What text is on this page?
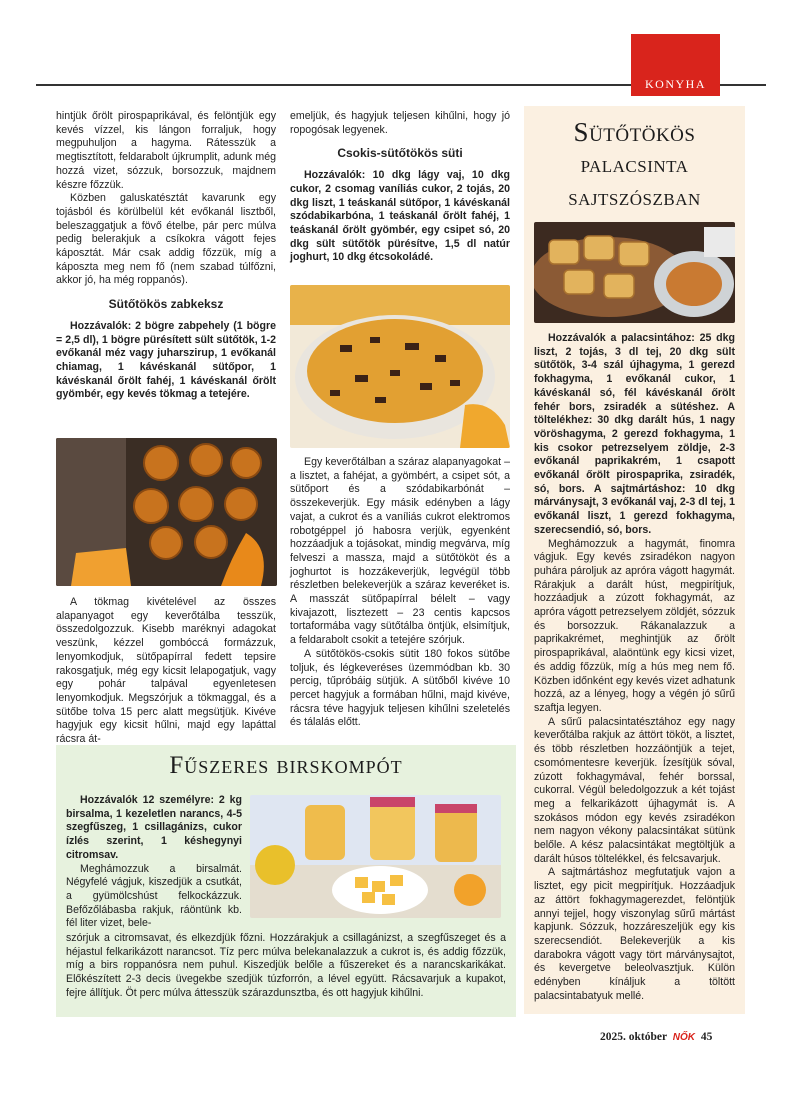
KONYHA

hintjük őrölt pirospaprikával, és felöntjük egy kevés vízzel, kis lángon forraljuk, hogy megpuhuljon a hagyma. Rátesszük a megtisztított, feldarabolt újkrumplit, adunk még hozzá vizet, sózzuk, borsozzuk, majdnem készre főzzük.

Közben galuskatésztát kavarunk egy tojásból és körülbelül két evőkanál lisztből, beleszaggatjuk a fövő ételbe, pár perc múlva pedig belerakjuk a csíkokra vágott fejes káposztát. Már csak addig főzzük, míg a káposzta meg nem fő (nem szabad túlfőzni, akkor jó, ha még roppanós).

Sütőtökös zabkeksz

Hozzávalók: 2 bögre zabpehely (1 bögre = 2,5 dl), 1 bögre pürésített sült sütőtök, 1-2 evőkanál méz vagy juharszirup, 1 evőkanál chiamag, 1 kávéskanál sütőpor, 1 kávéskanál őrölt fahéj, 1 kávéskanál őrölt gyömbér, egy kevés tökmag a tetejére.

A tökmag kivételével az összes alapanyagot egy keverőtálba tesszük, összedolgozzuk. Kisebb maréknyi adagokat veszünk, kézzel gombóccá formázzuk, lenyomkodjuk, sütőpapírral fedett tepsire rakosgatjuk, még egy kicsit lelapogatjuk, vagy egy pohár talpával egyenletesen lenyomkodjuk. Megszórjuk a tökmaggal, és a sütőbe tolva 15 perc alatt megsütjük. Kivéve hagyjuk egy kicsit hűlni, majd egy lapáttal rácsra át-

emeljük, és hagyjuk teljesen kihűlni, hogy jó ropogósak legyenek.

Csokis-sütőtökös süti

Hozzávalók: 10 dkg lágy vaj, 10 dkg cukor, 2 csomag vaníliás cukor, 2 tojás, 20 dkg liszt, 1 teáskanál sütőpor, 1 kávéskanál szódabikarbóna, 1 teáskanál őrölt fahéj, 1 teáskanál őrölt gyömbér, egy csipet só, 20 dkg sült sütőtök pürésítve, 1,5 dl natúr joghurt, 10 dkg étcsokoládé.

Egy keverőtálban a száraz alapanyagokat – a lisztet, a fahéjat, a gyömbért, a csipet sót, a sütőport és a szódabikarbónát – összekeverjük. Egy másik edényben a lágy vajat, a cukrot és a vaníliás cukrot elektromos robotgéppel jó habosra verjük, egyenként hozzáadjuk a tojásokat, mindig megvárva, míg felveszi a massza, majd a sütőtököt és a joghurtot is hozzákeverjük, legvégül több részletben belekeverjük a száraz keveréket is. A masszát sütőpapírral bélelt – vagy kivajazott, lisztezett – 23 centis kapcsos tortaformába vagy sütőtálba öntjük, elsimítjuk, a feldarabolt csokit a tetejére szórjuk.

A sütőtökös-csokis sütit 180 fokos sütőbe toljuk, és légkeveréses üzemmódban kb. 30 percig, tűpróbáig sütjük. A sütőből kivéve 10 percet hagyjuk a formában hűlni, majd kivéve, rácsra téve hagyjuk teljesen kihűlni szeletelés és tálalás előtt.

Sütőtökös
palacsinta
sajtszószban

Hozzávalók a palacsintához: 25 dkg liszt, 2 tojás, 3 dl tej, 20 dkg sült sütőtök, 3-4 szál újhagyma, 1 gerezd fokhagyma, 1 evőkanál cukor, 1 kávéskanál só, fél kávéskanál őrölt fehér bors, zsiradék a sütéshez. A töltelékhez: 30 dkg darált hús, 1 nagy vöröshagyma, 2 gerezd fokhagyma, 1 kis csokor petrezselyem zöldje, 2-3 evőkanál paprikakrém, 1 csapott evőkanál őrölt pirospaprika, zsiradék, só, bors. A sajtmártáshoz: 10 dkg márványsajt, 3 evőkanál vaj, 2-3 dl tej, 1 evőkanál liszt, 1 gerezd fokhagyma, szerecsendió, só, bors.

Meghámozzuk a hagymát, finomra vágjuk. Egy kevés zsiradékon nagyon puhára pároljuk az apróra vágott hagymát. Rárakjuk a darált húst, megpirítjuk, hozzáadjuk a zúzott fokhagymát, az apróra vágott petrezselyem zöldjét, sózzuk és borsozzuk. Rákanalazzuk a paprikakrémet, meghintjük az őrölt pirospaprikával, alaöntünk egy kicsi vizet, és addig főzzük, míg a hús meg nem fő. Közben időnként egy kevés vizet adhatunk hozzá, az a lényeg, hogy a végén jó sűrű szaftja legyen.

A sűrű palacsintatésztához egy nagy keverőtálba rakjuk az áttört tököt, a lisztet, és több részletben hozzáöntjük a tejet, csomómentesre keverjük. Ízesítjük sóval, zúzott fokhagymával, fehér borssal, cukorral. Végül beledolgozzuk a két tojást meg a felkarikázott újhagymát is. A szokásos módon egy kevés zsiradékon nem nagyon vékony palacsintákat sütünk belőle. A kész palacsintákat megtöltjük a darált húsos töltelékkel, és felcsavarjuk.

A sajtmártáshoz megfutatjuk vajon a lisztet, egy picit megpirítjuk. Hozzáadjuk az áttört fokhagymagerezdet, felöntjük annyi tejjel, hogy viszonylag sűrű mártást kapjunk. Sózzuk, hozzáreszeljük egy kis szerecsendiót. Belekeverjük a kis darabokra vágott vagy tört márványsajtot, és kevergetve beleolvasztjuk. Külön edényben kínáljuk a töltött palacsintabatyuk mellé.

Fűszeres birskompót

Hozzávalók 12 személyre: 2 kg birsalma, 1 kezeletlen narancs, 4-5 szegfűszeg, 1 csillagánizs, cukor ízlés szerint, 1 késhegynyi citromsav.

Meghámozzuk a birsalmát. Négyfelé vágjuk, kiszedjük a csutkát, a gyümölcshúst felkockázzuk. Befőzőlábasba rakjuk, ráöntünk kb. fél liter vizet, bele-

szórjuk a citromsavat, és elkezdjük főzni. Hozzárakjuk a csillagánizst, a szegfűszeget és a héjastul felkarikázott narancsot. Tíz perc múlva belekanalazzuk a cukrot is, és addig főzzük, míg a birs roppanósra nem puhul. Kiszedjük belőle a fűszereket és a narancskarikákat. Előkészített 2-3 decis üvegekbe szedjük túzforrón, a lével együtt. Rácsavarjuk a kupakot, fejre állítjuk. Öt perc múlva áttesszük szárazdunsztba, és ott hagyjuk kihűlni.

2025. október NŐK 45
